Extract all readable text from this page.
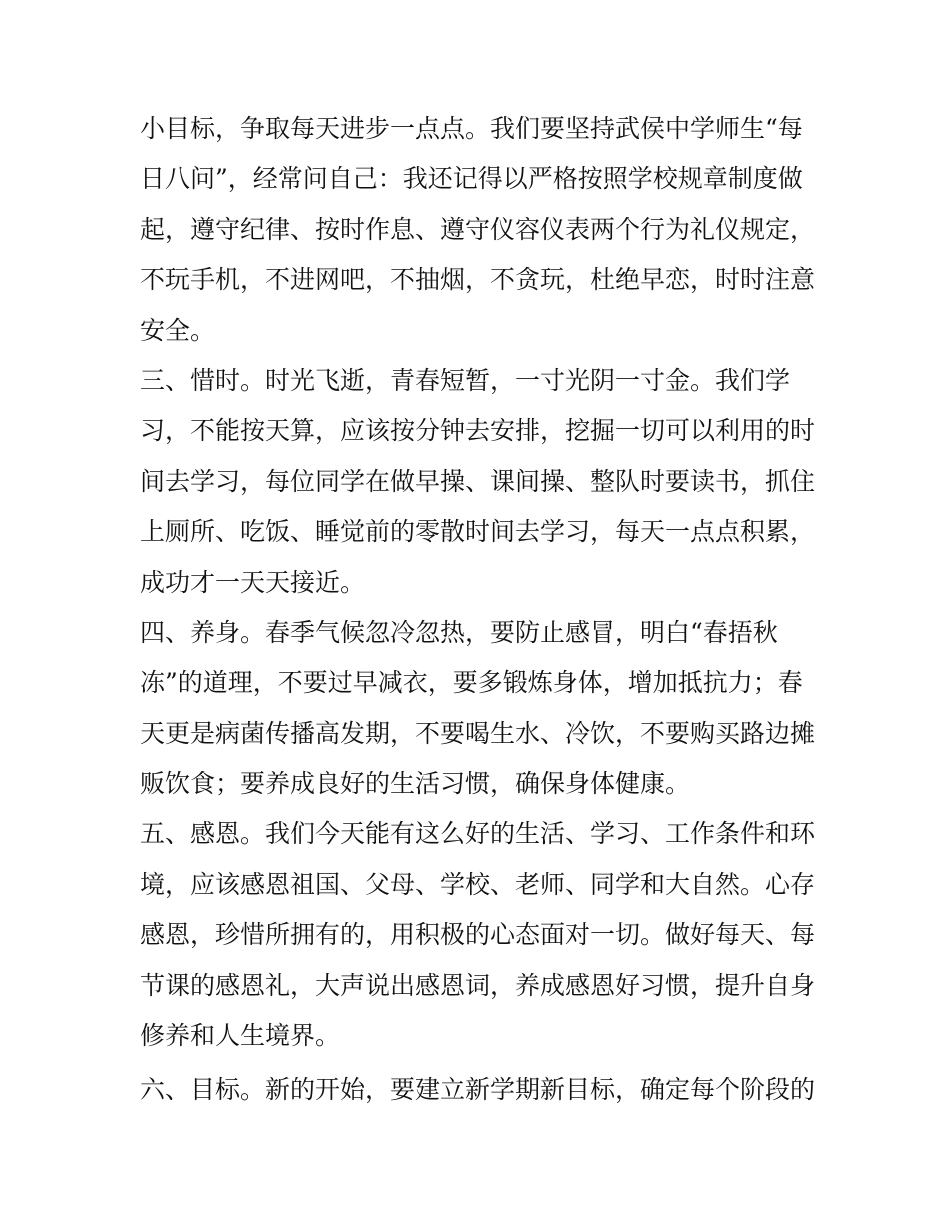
小目标，争取每天进步一点点。我们要坚持武侯中学师生“每
日八问”，经常问自己：我还记得以严格按照学校规章制度做
起，遵守纪律、按时作息、遵守仪容仪表两个行为礼仪规定，
不玩手机，不进网吧，不抽烟，不贪玩，杜绝早恋，时时注意
安全。
三、惜时。时光飞逝，青春短暂，一寸光阴一寸金。我们学
习，不能按天算，应该按分钟去安排，挖掘一切可以利用的时
间去学习，每位同学在做早操、课间操、整队时要读书，抓住
上厕所、吃饭、睡觉前的零散时间去学习，每天一点点积累，
成功才一天天接近。
四、养身。春季气候忽冷忽热，要防止感冒，明白“春捂秋
冻”的道理，不要过早减衣，要多锻炼身体，增加抵抗力；春
天更是病菌传播高发期，不要喝生水、冷饮，不要购买路边摊
贩饮食；要养成良好的生活习惯，确保身体健康。
五、感恩。我们今天能有这么好的生活、学习、工作条件和环
境，应该感恩祖国、父母、学校、老师、同学和大自然。心存
感恩，珍惜所拥有的，用积极的心态面对一切。做好每天、每
节课的感恩礼，大声说出感恩词，养成感恩好习惯，提升自身
修养和人生境界。
六、目标。新的开始，要建立新学期新目标，确定每个阶段的
